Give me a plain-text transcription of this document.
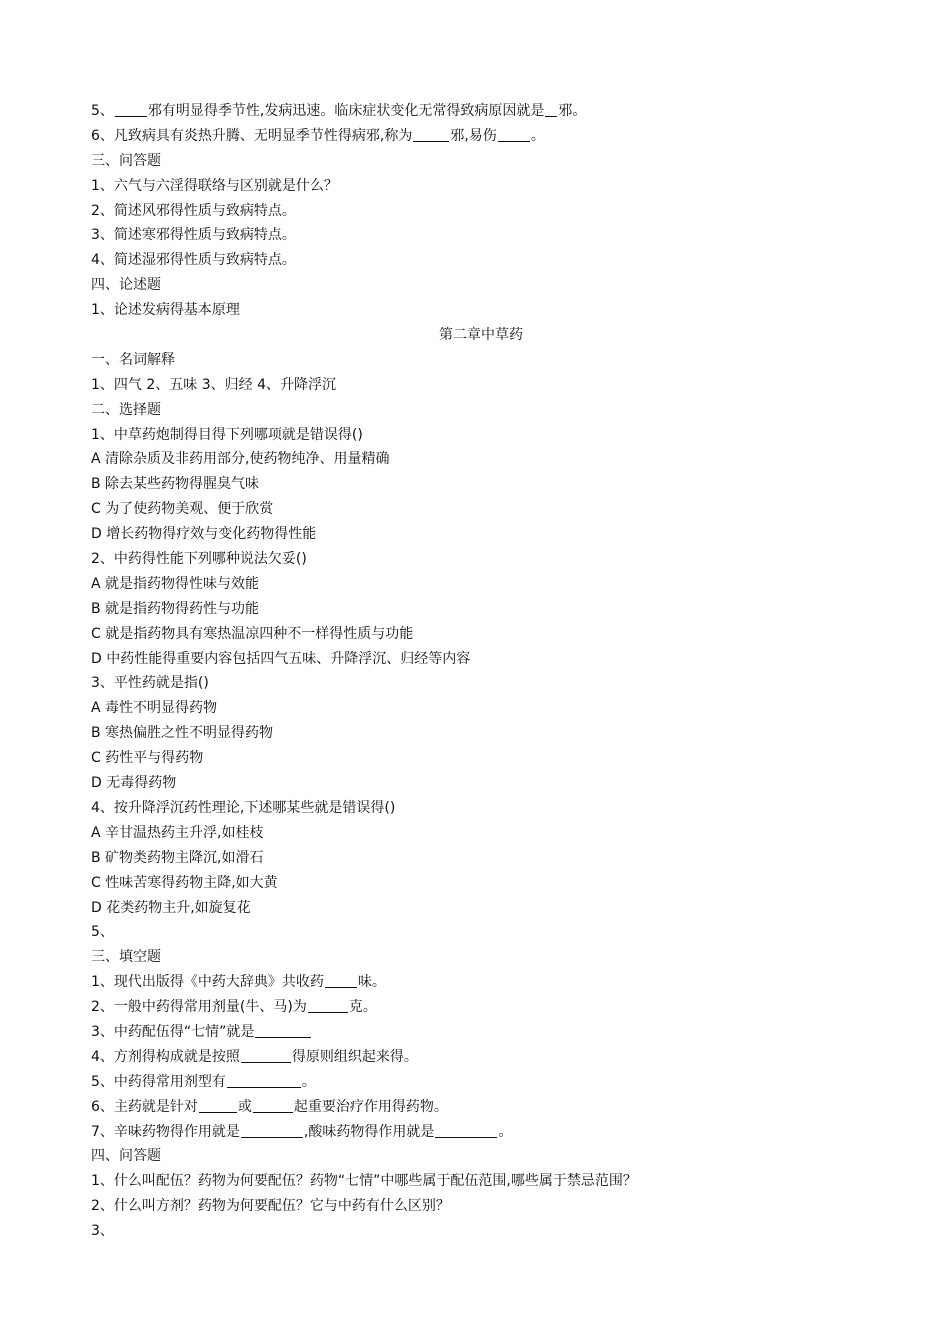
5、 邪有明显得季节性,发病迅速。临床症状变化无常得致病原因就是 邪。
6、凡致病具有炎热升腾、无明显季节性得病邪,称为	邪,易伤 。
三、问答题
1、六气与六淫得联络与区别就是什么？
2、简述风邪得性质与致病特点。
3、简述寒邪得性质与致病特点。
4、简述湿邪得性质与致病特点。
四、论述题
1、论述发病得基本原理
第二章中草药
一、名词解释
1、四气 2、五味 3、归经 4、升降浮沉
二、选择题
1、中草药炮制得目得下列哪项就是错误得()
A 清除杂质及非药用部分,使药物纯净、用量精确
B 除去某些药物得腥臭气味
C 为了使药物美观、便于欣赏
D 增长药物得疗效与变化药物得性能
2、中药得性能下列哪种说法欠妥()
A 就是指药物得性味与效能
B 就是指药物得药性与功能
C 就是指药物具有寒热温凉四种不一样得性质与功能
D 中药性能得重要内容包括四气五味、升降浮沉、归经等内容
3、平性药就是指()
A 毒性不明显得药物
B 寒热偏胜之性不明显得药物
C 药性平与得药物
D 无毒得药物
4、按升降浮沉药性理论,下述哪某些就是错误得()
A 辛甘温热药主升浮,如桂枝
B 矿物类药物主降沉,如滑石
C 性味苦寒得药物主降,如大黄
D 花类药物主升,如旋复花
5、
三、填空题
1、现代出版得《中药大辞典》共收药 味。
2、一般中药得常用剂量(牛、马)为	克。
3、中药配伍得“七情”就是
4、方剂得构成就是按照	得原则组织起来得。
5、中药得常用剂型有	。
6、主药就是针对	或	起重要治疗作用得药物。
7、辛味药物得作用就是	,酸味药物得作用就是	。
四、问答题
1、什么叫配伍？药物为何要配伍？药物“七情”中哪些属于配伍范围,哪些属于禁忌范围？
2、什么叫方剂？药物为何要配伍？它与中药有什么区别？
3、
